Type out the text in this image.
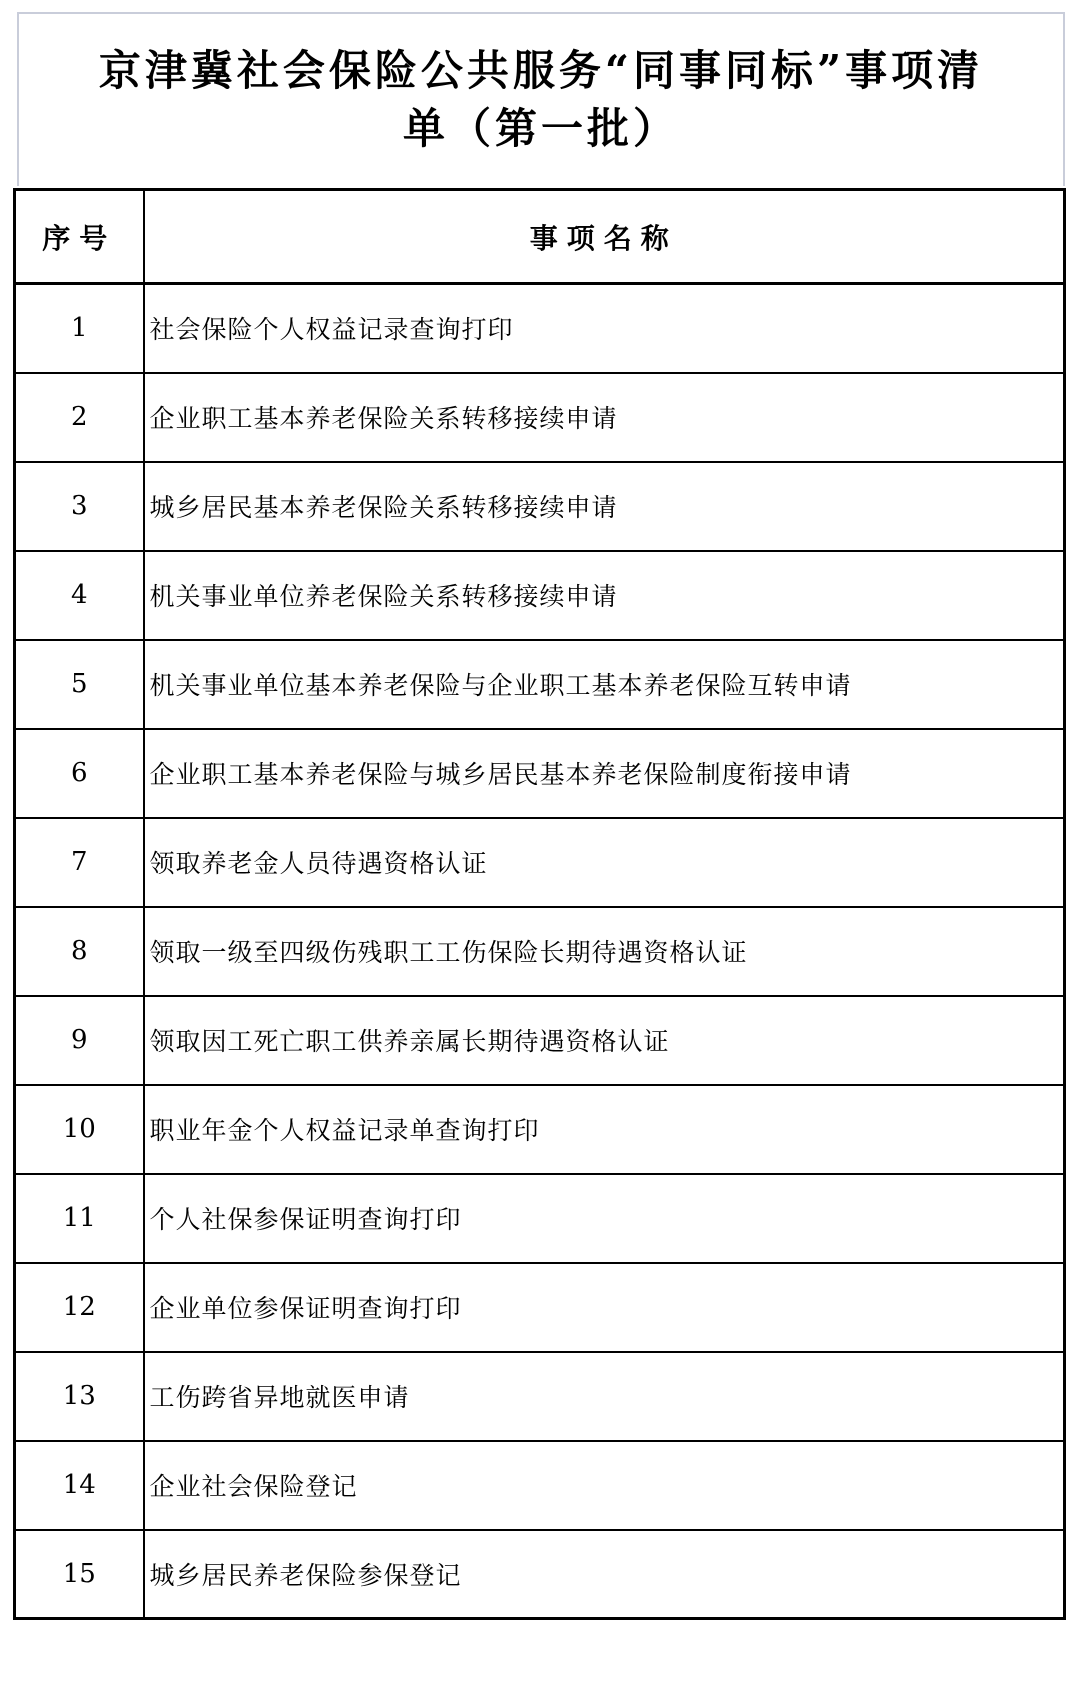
京津冀社会保险公共服务“同事同标”事项清
单（第一批）
序号	事项名称
1	社会保险个人权益记录查询打印
2	企业职工基本养老保险关系转移接续申请
3	城乡居民基本养老保险关系转移接续申请
4	机关事业单位养老保险关系转移接续申请
5	机关事业单位基本养老保险与企业职工基本养老保险互转申请
6	企业职工基本养老保险与城乡居民基本养老保险制度衔接申请
7	领取养老金人员待遇资格认证
8	领取一级至四级伤残职工工伤保险长期待遇资格认证
9	领取因工死亡职工供养亲属长期待遇资格认证
10	职业年金个人权益记录单查询打印
11	个人社保参保证明查询打印
12	企业单位参保证明查询打印
13	工伤跨省异地就医申请
14	企业社会保险登记
15	城乡居民养老保险参保登记
